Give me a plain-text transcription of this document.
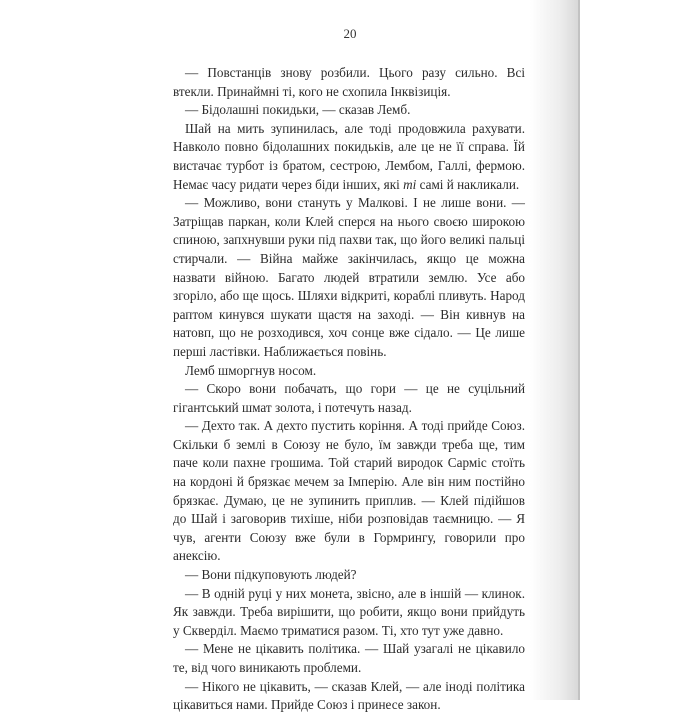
20

— Повстанців знову розбили. Цього разу сильно. Всі втекли. Принаймні ті, кого не схопила Інквізиція.

— Бідолашні покидьки, — сказав Лемб.

Шай на мить зупинилась, але тоді продовжила рахувати. Навколо повно бідолашних покидьків, але це не її справа. Їй вистачає турбот із братом, сестрою, Лембом, Галлі, фермою. Немає часу ридати через біди інших, які ті самі й накликали.

— Можливо, вони стануть у Малкові. І не лише вони. — Затріщав паркан, коли Клей сперся на нього своєю широкою спиною, запхнувши руки під пахви так, що його великі пальці стирчали. — Війна майже закінчилась, якщо це можна назвати війною. Багато людей втратили землю. Усе або згоріло, або ще щось. Шляхи відкриті, кораблі пливуть. Народ раптом кинувся шукати щастя на заході. — Він кивнув на натовп, що не розходився, хоч сонце вже сідало. — Це лише перші ластівки. Наближається повінь.

Лемб шморгнув носом.

— Скоро вони побачать, що гори — це не суцільний гігантський шмат золота, і потечуть назад.

— Дехто так. А дехто пустить коріння. А тоді прийде Союз. Скільки б землі в Союзу не було, їм завжди треба ще, тим паче коли пахне грошима. Той старий виродок Сарміс стоїть на кордоні й брязкає мечем за Імперію. Але він ним постійно брязкає. Думаю, це не зупинить приплив. — Клей підійшов до Шай і заговорив тихіше, ніби розповідав таємницю. — Я чув, агенти Союзу вже були в Гормрингу, говорили про анексію.

— Вони підкуповують людей?

— В одній руці у них монета, звісно, але в іншій — клинок. Як завжди. Треба вирішити, що робити, якщо вони прийдуть у Скверділ. Маємо триматися разом. Ті, хто тут уже давно.

— Мене не цікавить політика. — Шай узагалі не цікавило те, від чого виникають проблеми.

— Нікого не цікавить, — сказав Клей, — але іноді політика цікавиться нами. Прийде Союз і принесе закон.
